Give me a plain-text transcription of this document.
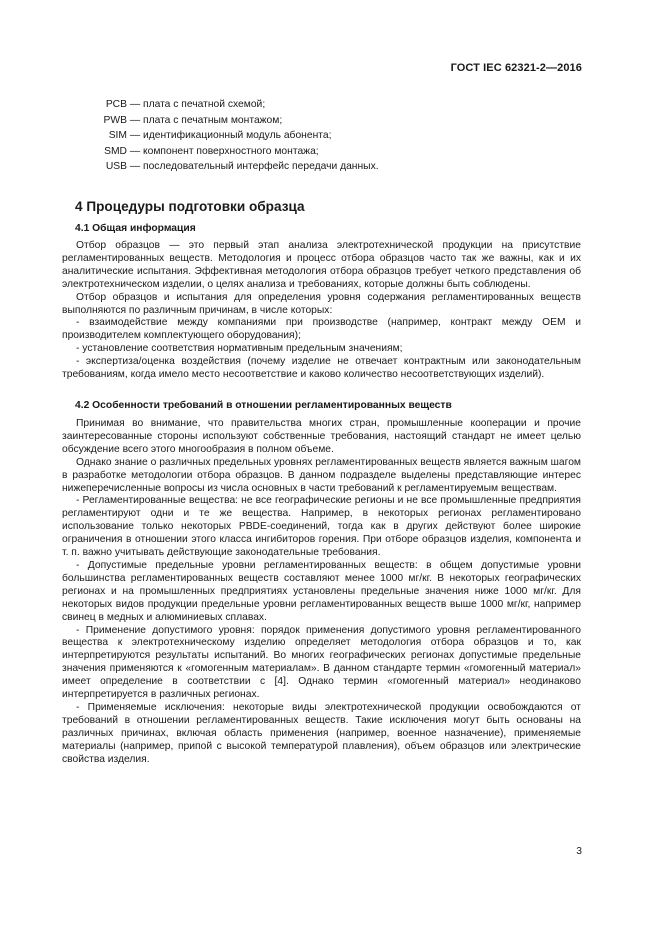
ГОСТ IEC 62321-2—2016
PCB — плата с печатной схемой;
PWB — плата с печатным монтажом;
SIM — идентификационный модуль абонента;
SMD — компонент поверхностного монтажа;
USB — последовательный интерфейс передачи данных.
4 Процедуры подготовки образца
4.1 Общая информация

Отбор образцов — это первый этап анализа электротехнической продукции на присутствие регламентированных веществ. Методология и процесс отбора образцов часто так же важны, как и их аналитические испытания. Эффективная методология отбора образцов требует четкого представления об электротехническом изделии, о целях анализа и требованиях, которые должны быть соблюдены.

Отбор образцов и испытания для определения уровня содержания регламентированных веществ выполняются по различным причинам, в числе которых:

- взаимодействие между компаниями при производстве (например, контракт между OEM и производителем комплектующего оборудования);

- установление соответствия нормативным предельным значениям;

- экспертиза/оценка воздействия (почему изделие не отвечает контрактным или законодательным требованиям, когда имело место несоответствие и каково количество несоответствующих изделий).

4.2 Особенности требований в отношении регламентированных веществ

Принимая во внимание, что правительства многих стран, промышленные кооперации и прочие заинтересованные стороны используют собственные требования, настоящий стандарт не имеет целью обсуждение всего этого многообразия в полном объеме.

Однако знание о различных предельных уровнях регламентированных веществ является важным шагом в разработке методологии отбора образцов. В данном подразделе выделены представляющие интерес нижеперечисленные вопросы из числа основных в части требований к регламентируемым веществам.

- Регламентированные вещества: не все географические регионы и не все промышленные предприятия регламентируют одни и те же вещества. Например, в некоторых регионах регламентировано использование только некоторых PBDE-соединений, тогда как в других действуют более широкие ограничения в отношении этого класса ингибиторов горения. При отборе образцов изделия, компонента и т. п. важно учитывать действующие законодательные требования.

- Допустимые предельные уровни регламентированных веществ: в общем допустимые уровни большинства регламентированных веществ составляют менее 1000 мг/кг. В некоторых географических регионах и на промышленных предприятиях установлены предельные значения ниже 1000 мг/кг. Для некоторых видов продукции предельные уровни регламентированных веществ выше 1000 мг/кг, например свинец в медных и алюминиевых сплавах.

- Применение допустимого уровня: порядок применения допустимого уровня регламентированного вещества к электротехническому изделию определяет методология отбора образцов и то, как интерпретируются результаты испытаний. Во многих географических регионах допустимые предельные значения применяются к «гомогенным материалам». В данном стандарте термин «гомогенный материал» имеет определение в соответствии с [4]. Однако термин «гомогенный материал» неодинаково интерпретируется в различных регионах.

- Применяемые исключения: некоторые виды электротехнической продукции освобождаются от требований в отношении регламентированных веществ. Такие исключения могут быть основаны на различных причинах, включая область применения (например, военное назначение), применяемые материалы (например, припой с высокой температурой плавления), объем образцов или электрические свойства изделия.

3
